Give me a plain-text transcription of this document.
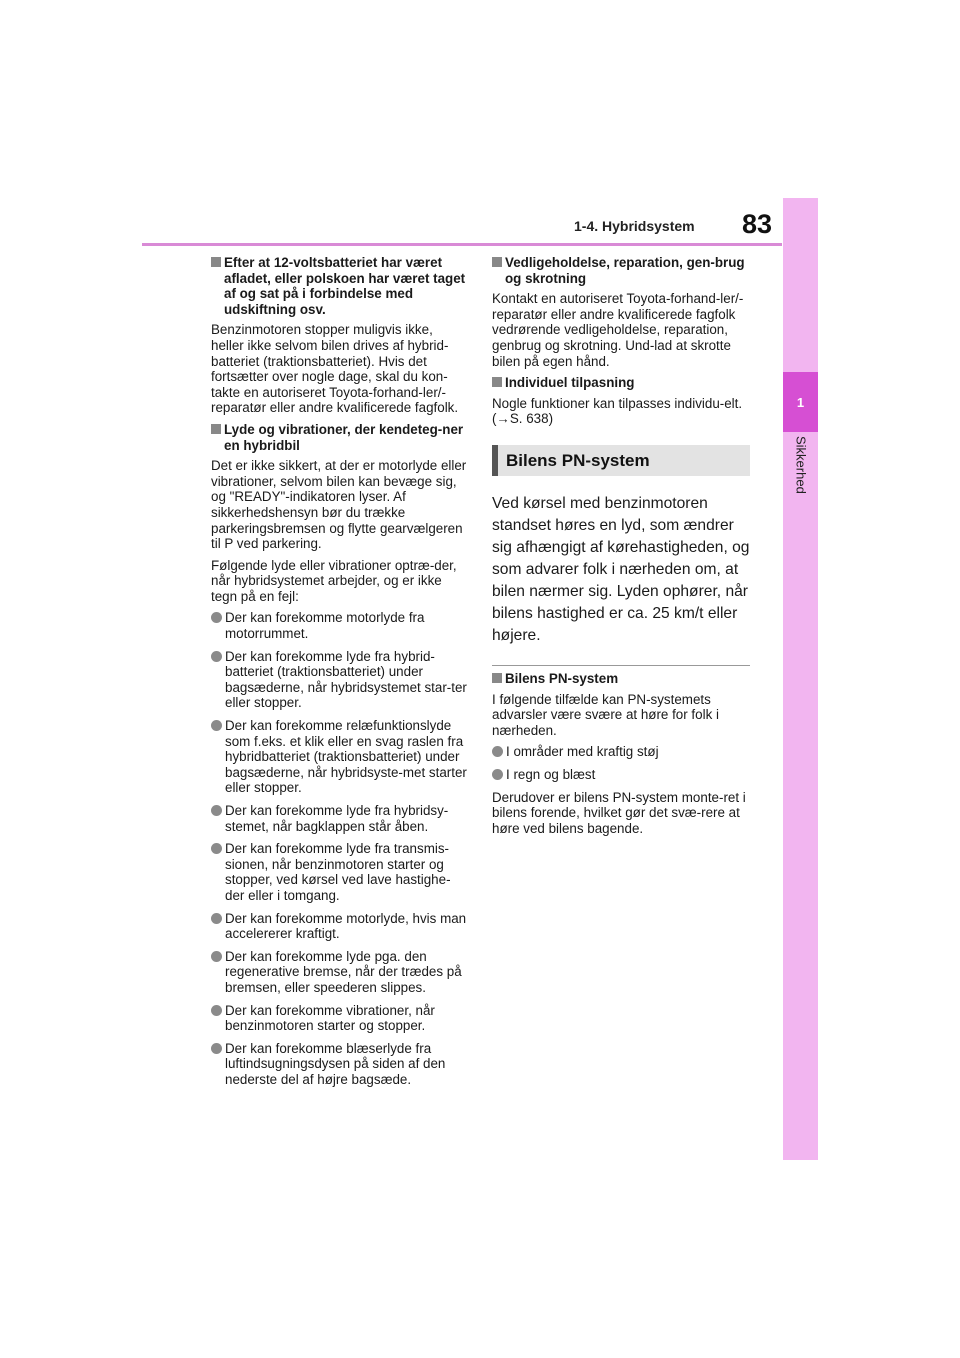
1-4. Hybridsystem 83
1
Sikkerhed
Efter at 12-voltsbatteriet har været afladet, eller polskoen har været taget af og sat på i forbindelse med udskiftning osv.
Benzinmotoren stopper muligvis ikke, heller ikke selvom bilen drives af hybrid-batteriet (traktionsbatteriet). Hvis det fortsætter over nogle dage, skal du kon-takte en autoriseret Toyota-forhand-ler/-reparatør eller andre kvalificerede fagfolk.
Lyde og vibrationer, der kendeteg-ner en hybridbil
Det er ikke sikkert, at der er motorlyde eller vibrationer, selvom bilen kan bevæge sig, og "READY"-indikatoren lyser. Af sikkerhedshensyn bør du trække parkeringsbremsen og flytte gearvælgeren til P ved parkering.
Følgende lyde eller vibrationer optræ-der, når hybridsystemet arbejder, og er ikke tegn på en fejl:
Der kan forekomme motorlyde fra motorrummet.
Der kan forekomme lyde fra hybrid-batteriet (traktionsbatteriet) under bagsæderne, når hybridsystemet star-ter eller stopper.
Der kan forekomme relæfunktionslyde som f.eks. et klik eller en svag raslen fra hybridbatteriet (traktionsbatteriet) under bagsæderne, når hybridsyste-met starter eller stopper.
Der kan forekomme lyde fra hybridsy-stemet, når bagklappen står åben.
Der kan forekomme lyde fra transmis-sionen, når benzinmotoren starter og stopper, ved kørsel ved lave hastighe-der eller i tomgang.
Der kan forekomme motorlyde, hvis man accelererer kraftigt.
Der kan forekomme lyde pga. den regenerative bremse, når der trædes på bremsen, eller speederen slippes.
Der kan forekomme vibrationer, når benzinmotoren starter og stopper.
Der kan forekomme blæserlyde fra luftindsugningsdysen på siden af den nederste del af højre bagsæde.
Vedligeholdelse, reparation, gen-brug og skrotning
Kontakt en autoriseret Toyota-forhand-ler/-reparatør eller andre kvalificerede fagfolk vedrørende vedligeholdelse, reparation, genbrug og skrotning. Und-lad at skrotte bilen på egen hånd.
Individuel tilpasning
Nogle funktioner kan tilpasses individu-elt. (→S. 638)
Bilens PN-system
Ved kørsel med benzinmotoren standset høres en lyd, som ændrer sig afhængigt af kørehastigheden, og som advarer folk i nærheden om, at bilen nærmer sig. Lyden ophører, når bilens hastighed er ca. 25 km/t eller højere.
Bilens PN-system
I følgende tilfælde kan PN-systemets advarsler være svære at høre for folk i nærheden.
I områder med kraftig støj
I regn og blæst
Derudover er bilens PN-system monte-ret i bilens forende, hvilket gør det svæ-rere at høre ved bilens bagende.
